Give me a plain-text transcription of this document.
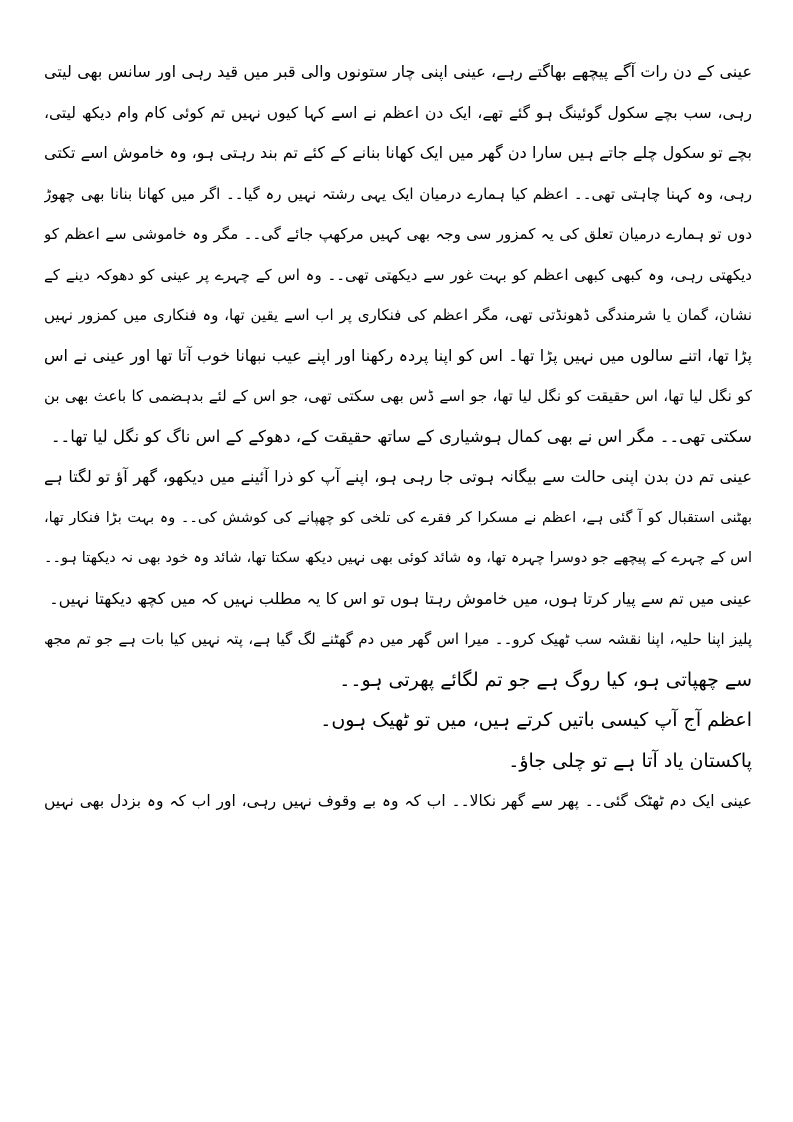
عینی کے دن رات آگے پیچھے بھاگتے رہے، عینی اپنی چار ستونوں والی قبر میں قید رہی اور سانس بھی لیتی
رہی، سب بچے سکول گوئینگ ہو گئے تھے، ایک دن اعظم نے اسے کہا کیوں نہیں تم کوئی کام وام دیکھ لیتی،
بچے تو سکول چلے جاتے ہیں سارا دن گھر میں ایک کھانا بنانے کے کئے تم بند رہتی ہو، وہ خاموش اسے تکتی
رہی، وہ کہنا چاہتی تھی۔۔ اعظم کیا ہمارے درمیان ایک یہی رشتہ نہیں رہ گیا۔۔ اگر میں کھانا بنانا بھی چھوڑ
دوں تو ہمارے درمیان تعلق کی یہ کمزور سی وجہ بھی کہیں مرکھپ جائے گی۔۔ مگر وہ خاموشی سے اعظم کو
دیکھتی رہی، وہ کبھی کبھی اعظم کو بہت غور سے دیکھتی تھی۔۔ وہ اس کے چہرے پر عینی کو دھوکہ دینے کے
نشان، گمان یا شرمندگی ڈھونڈتی تھی، مگر اعظم کی فنکاری پر اب اسے یقین تھا، وہ فنکاری میں کمزور نہیں
پڑا تھا، اتنے سالوں میں نہیں پڑا تھا۔ اس کو اپنا پردہ رکھنا اور اپنے عیب نبھانا خوب آتا تھا اور عینی نے اس
کو نگل لیا تھا، اس حقیقت کو نگل لیا تھا، جو اسے ڈس بھی سکتی تھی، جو اس کے لئے بدہضمی کا باعث بھی بن
سکتی تھی۔۔ مگر اس نے بھی کمال ہوشیاری کے ساتھ حقیقت کے، دھوکے کے اس ناگ کو نگل لیا تھا۔۔
عینی تم دن بدن اپنی حالت سے بیگانہ ہوتی جا رہی ہو، اپنے آپ کو ذرا آئینے میں دیکھو، گھر آؤ تو لگتا ہے
بھٹنی استقبال کو آ گئی ہے، اعظم نے مسکرا کر فقرے کی تلخی کو چھپانے کی کوشش کی۔۔ وہ بہت بڑا فنکار تھا،
اس کے چہرے کے پیچھے جو دوسرا چہرہ تھا، وہ شائد کوئی بھی نہیں دیکھ سکتا تھا، شائد وہ خود بھی نہ دیکھتا ہو۔۔
عینی میں تم سے پیار کرتا ہوں، میں خاموش رہتا ہوں تو اس کا یہ مطلب نہیں کہ میں کچھ دیکھتا نہیں۔
پلیز اپنا حلیہ، اپنا نقشہ سب ٹھیک کرو۔۔ میرا اس گھر میں دم گھٹنے لگ گیا ہے، پتہ نہیں کیا بات ہے جو تم مجھ
سے چھپاتی ہو، کیا روگ ہے جو تم لگائے پھرتی ہو۔۔
اعظم آج آپ کیسی باتیں کرتے ہیں، میں تو ٹھیک ہوں۔
پاکستان یاد آتا ہے تو چلی جاؤ۔
عینی ایک دم ٹھٹک گئی۔۔ پھر سے گھر نکالا۔۔ اب کہ وہ بے وقوف نہیں رہی، اور اب کہ وہ بزدل بھی نہیں
